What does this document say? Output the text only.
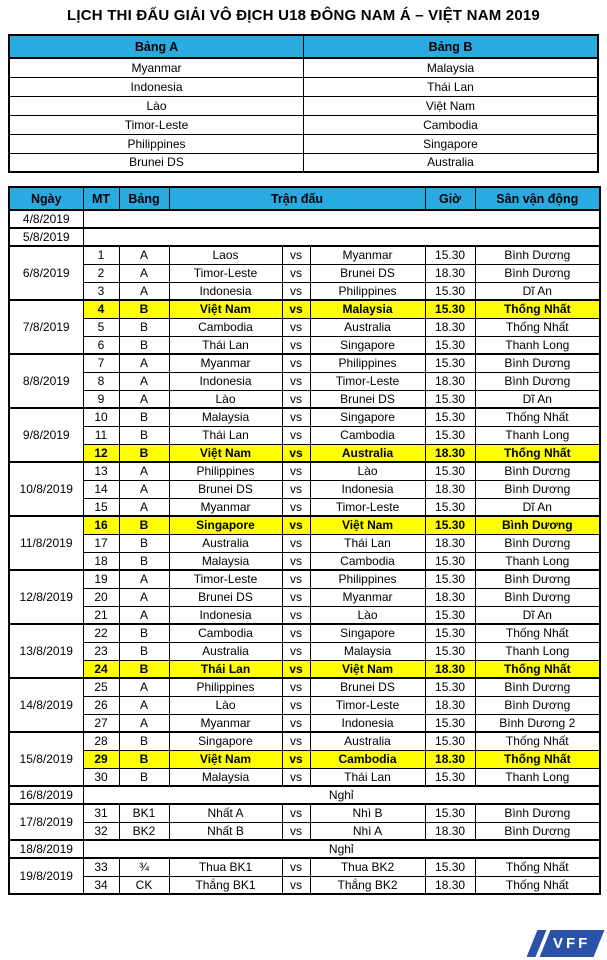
LỊCH THI ĐẤU GIẢI VÔ ĐỊCH U18 ĐÔNG NAM Á – VIỆT NAM 2019
Bảng A	Bảng B
Myanmar	Malaysia
Indonesia	Thái Lan
Lào	Việt Nam
Timor-Leste	Cambodia
Philippines	Singapore
Brunei DS	Australia
Ngày	MT	Bảng	Trận đấu			Giờ	Sân vận động
4/8/2019							
5/8/2019							
6/8/2019	1	A	Laos	vs	Myanmar	15.30	Bình Dương
	2	A	Timor-Leste	vs	Brunei DS	18.30	Bình Dương
	3	A	Indonesia	vs	Philippines	15.30	Dĩ An
7/8/2019	4	B	Việt Nam	vs	Malaysia	15.30	Thống Nhất
	5	B	Cambodia	vs	Australia	18.30	Thống Nhất
	6	B	Thái Lan	vs	Singapore	15.30	Thanh Long
8/8/2019	7	A	Myanmar	vs	Philippines	15.30	Bình Dương
	8	A	Indonesia	vs	Timor-Leste	18.30	Bình Dương
	9	A	Lào	vs	Brunei DS	15.30	Dĩ An
9/8/2019	10	B	Malaysia	vs	Singapore	15.30	Thống Nhất
	11	B	Thái Lan	vs	Cambodia	15.30	Thanh Long
	12	B	Việt Nam	vs	Australia	18.30	Thống Nhất
10/8/2019	13	A	Philippines	vs	Lào	15.30	Bình Dương
	14	A	Brunei DS	vs	Indonesia	18.30	Bình Dương
	15	A	Myanmar	vs	Timor-Leste	15.30	Dĩ An
11/8/2019	16	B	Singapore	vs	Việt Nam	15.30	Bình Dương
	17	B	Australia	vs	Thái Lan	18.30	Bình Dương
	18	B	Malaysia	vs	Cambodia	15.30	Thanh Long
12/8/2019	19	A	Timor-Leste	vs	Philippines	15.30	Bình Dương
	20	A	Brunei DS	vs	Myanmar	18.30	Bình Dương
	21	A	Indonesia	vs	Lào	15.30	Dĩ An
13/8/2019	22	B	Cambodia	vs	Singapore	15.30	Thống Nhất
	23	B	Australia	vs	Malaysia	15.30	Thanh Long
	24	B	Thái Lan	vs	Việt Nam	18.30	Thống Nhất
14/8/2019	25	A	Philippines	vs	Brunei DS	15.30	Bình Dương
	26	A	Lào	vs	Timor-Leste	18.30	Bình Dương
	27	A	Myanmar	vs	Indonesia	15.30	Bình Dương 2
15/8/2019	28	B	Singapore	vs	Australia	15.30	Thống Nhất
	29	B	Việt Nam	vs	Cambodia	18.30	Thống Nhất
	30	B	Malaysia	vs	Thái Lan	15.30	Thanh Long
16/8/2019	Nghỉ						
17/8/2019	31	BK1	Nhất A	vs	Nhì B	15.30	Bình Dương
	32	BK2	Nhất B	vs	Nhì A	18.30	Bình Dương
18/8/2019	Nghỉ						
19/8/2019	33	¾	Thua BK1	vs	Thua BK2	15.30	Thống Nhất
	34	CK	Thắng BK1	vs	Thắng BK2	18.30	Thống Nhất
VFF
